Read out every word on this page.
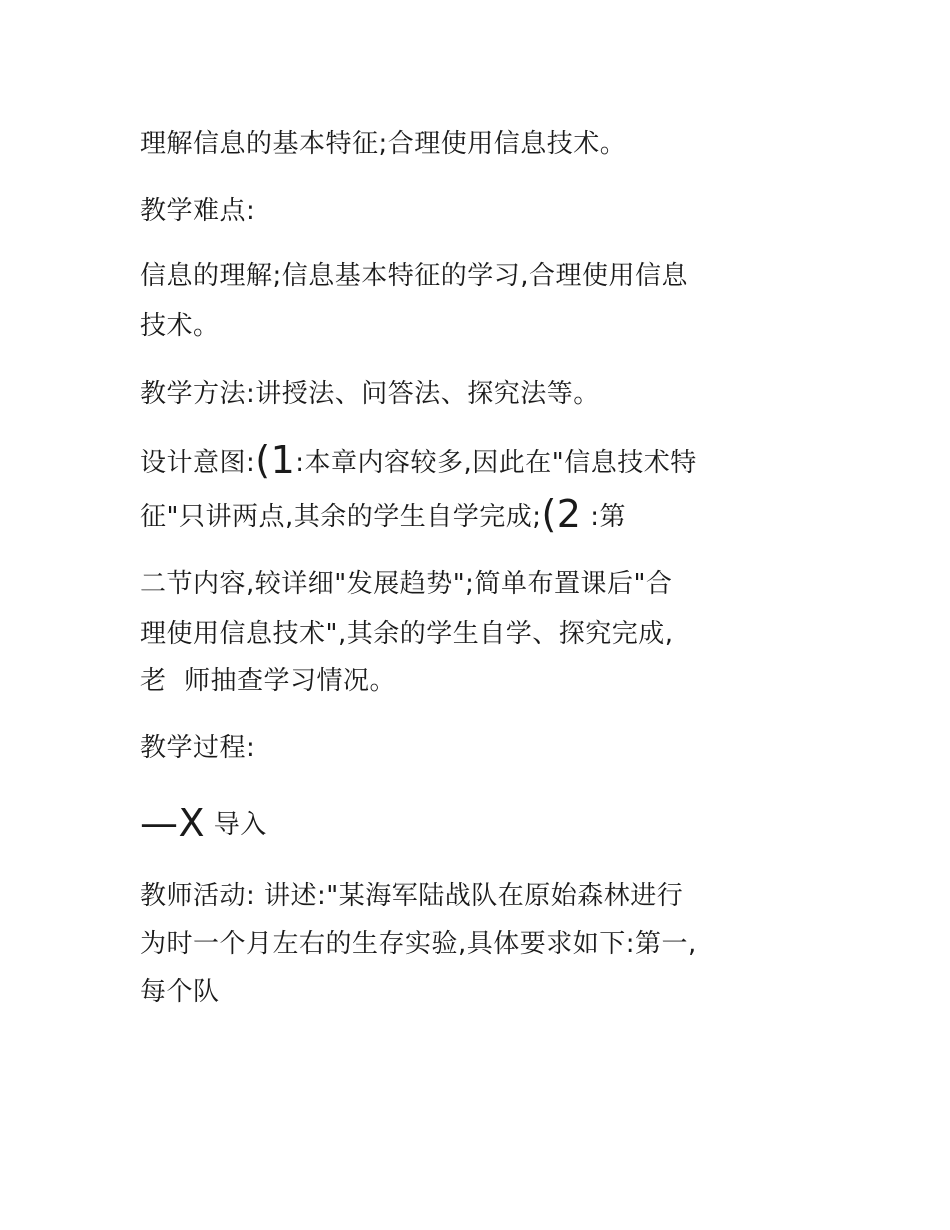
理解信息的基本特征;合理使用信息技术。
教学难点:
信息的理解;信息基本特征的学习,合理使用信息
技术。
教学方法:讲授法、问答法、探究法等。
设计意图:(1:本章内容较多,因此在"信息技术特
征"只讲两点,其余的学生自学完成;(2 :第
二节内容,较详细"发展趋势";简单布置课后"合
理使用信息技术",其余的学生自学、探究完成,
老  师抽查学习情况。
教学过程:
—X 导入
教师活动: 讲述:"某海军陆战队在原始森林进行
为时一个月左右的生存实验,具体要求如下:第一,
每个队
